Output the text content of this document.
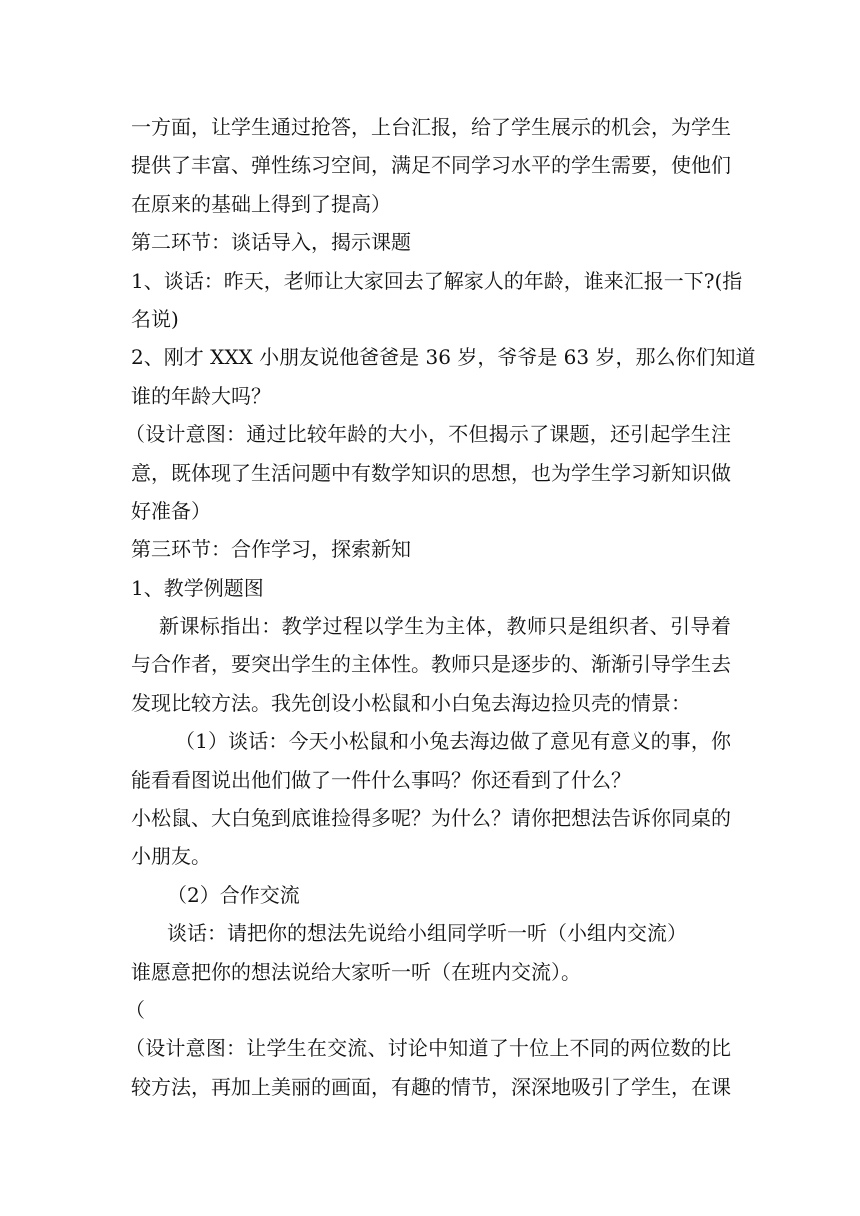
一方面，让学生通过抢答，上台汇报，给了学生展示的机会，为学生
提供了丰富、弹性练习空间，满足不同学习水平的学生需要，使他们
在原来的基础上得到了提高）
第二环节：谈话导入，揭示课题
1、谈话：昨天，老师让大家回去了解家人的年龄，谁来汇报一下?(指
名说)
2、刚才 XXX 小朋友说他爸爸是 36 岁，爷爷是 63 岁，那么你们知道
谁的年龄大吗？
（设计意图：通过比较年龄的大小，不但揭示了课题，还引起学生注
意，既体现了生活问题中有数学知识的思想，也为学生学习新知识做
好准备）
第三环节：合作学习，探索新知
1、教学例题图
新课标指出：教学过程以学生为主体，教师只是组织者、引导着
与合作者，要突出学生的主体性。教师只是逐步的、渐渐引导学生去
发现比较方法。我先创设小松鼠和小白兔去海边捡贝壳的情景：
（1）谈话：今天小松鼠和小兔去海边做了意见有意义的事，你
能看看图说出他们做了一件什么事吗？你还看到了什么？
小松鼠、大白兔到底谁捡得多呢？为什么？请你把想法告诉你同桌的
小朋友。
（2）合作交流
谈话：请把你的想法先说给小组同学听一听（小组内交流）
谁愿意把你的想法说给大家听一听（在班内交流）。
（
（设计意图：让学生在交流、讨论中知道了十位上不同的两位数的比
较方法，再加上美丽的画面，有趣的情节，深深地吸引了学生，在课
